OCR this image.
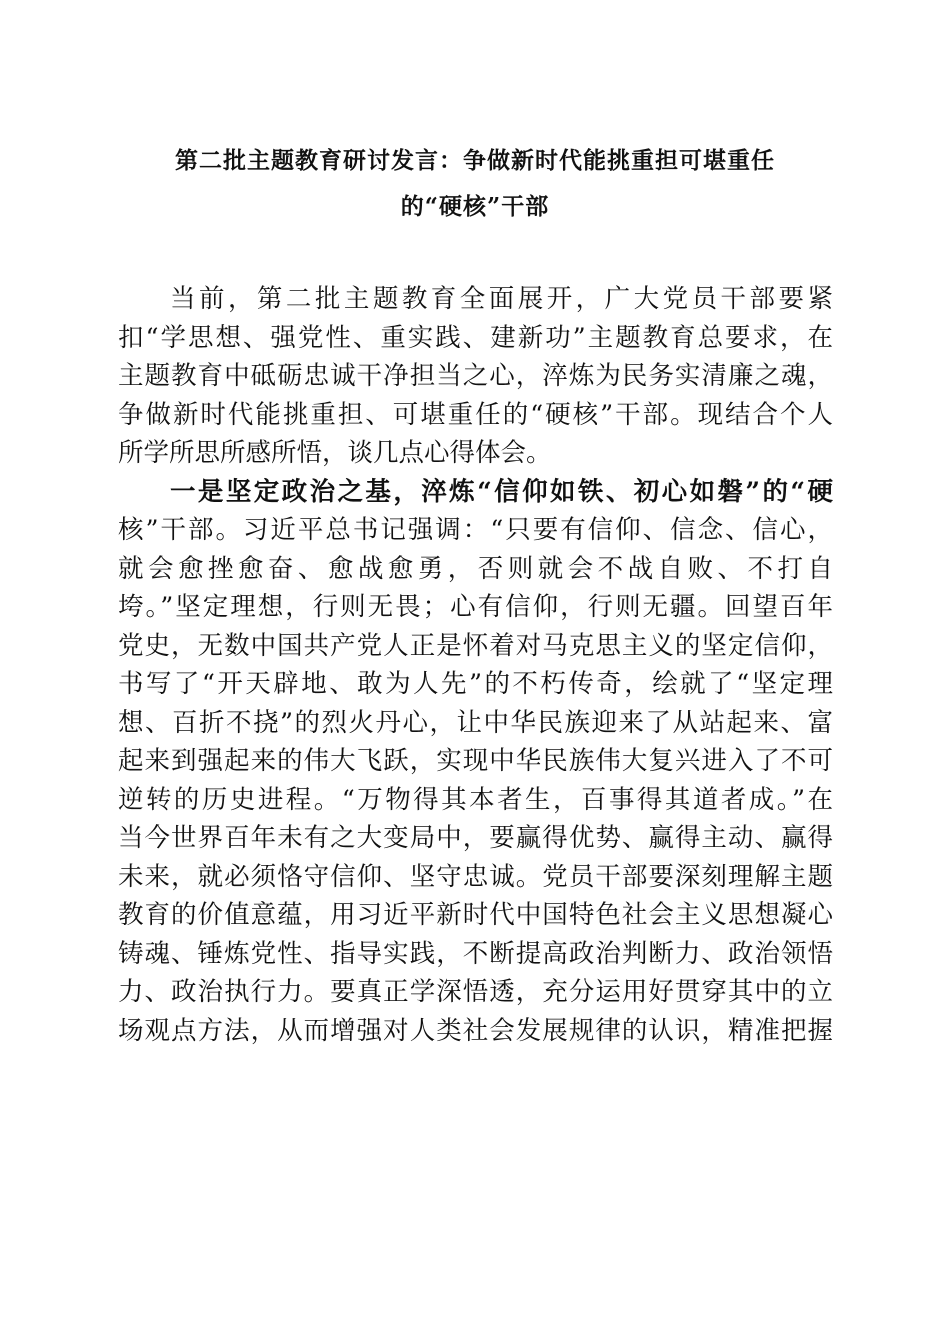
第二批主题教育研讨发言：争做新时代能挑重担可堪重任
的“硬核”干部
当前，第二批主题教育全面展开，广大党员干部要紧
扣“学思想、强党性、重实践、建新功”主题教育总要求，在
主题教育中砥砺忠诚干净担当之心，淬炼为民务实清廉之魂，
争做新时代能挑重担、可堪重任的“硬核”干部。现结合个人
所学所思所感所悟，谈几点心得体会。
一是坚定政治之基，淬炼“信仰如铁、初心如磐”的“硬
核”干部。习近平总书记强调：“只要有信仰、信念、信心，
就会愈挫愈奋、愈战愈勇，否则就会不战自败、不打自
垮。”坚定理想，行则无畏；心有信仰，行则无疆。回望百年
党史，无数中国共产党人正是怀着对马克思主义的坚定信仰，
书写了“开天辟地、敢为人先”的不朽传奇，绘就了“坚定理
想、百折不挠”的烈火丹心，让中华民族迎来了从站起来、富
起来到强起来的伟大飞跃，实现中华民族伟大复兴进入了不可
逆转的历史进程。“万物得其本者生，百事得其道者成。”在
当今世界百年未有之大变局中，要赢得优势、赢得主动、赢得
未来，就必须恪守信仰、坚守忠诚。党员干部要深刻理解主题
教育的价值意蕴，用习近平新时代中国特色社会主义思想凝心
铸魂、锤炼党性、指导实践，不断提高政治判断力、政治领悟
力、政治执行力。要真正学深悟透，充分运用好贯穿其中的立
场观点方法，从而增强对人类社会发展规律的认识，精准把握
